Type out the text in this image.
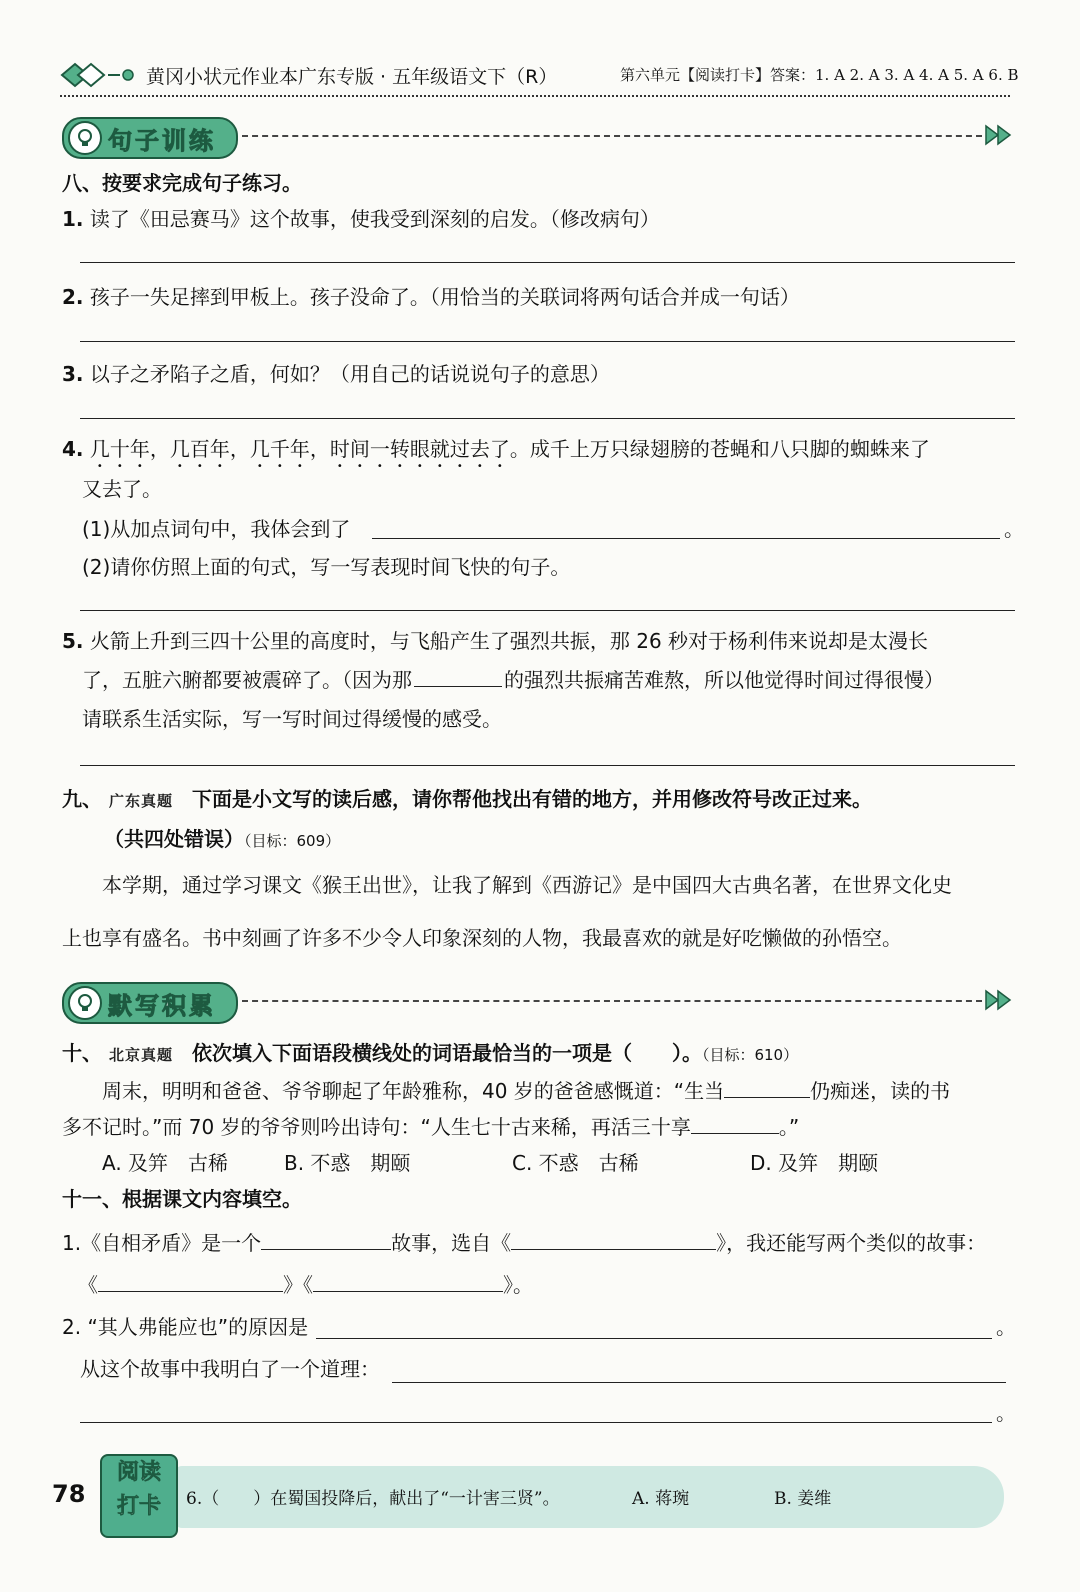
黄冈小状元作业本广东专版 · 五年级语文下（R）	第六单元【阅读打卡】答案：1. A 2. A 3. A 4. A 5. A 6. B
句子训练
八、按要求完成句子练习。
1. 读了《田忌赛马》这个故事，使我受到深刻的启发。（修改病句）
2. 孩子一失足摔到甲板上。孩子没命了。（用恰当的关联词将两句话合并成一句话）
3. 以子之矛陷子之盾，何如？（用自己的话说说句子的意思）
4. 几十年，几百年，几千年，时间一转眼就过去了。成千上万只绿翅膀的苍蝇和八只脚的蜘蛛来了
又去了。
(1)从加点词句中，我体会到了	。
(2)请你仿照上面的句式，写一写表现时间飞快的句子。
5. 火箭上升到三四十公里的高度时，与飞船产生了强烈共振，那 26 秒对于杨利伟来说却是太漫长
了，五脏六腑都要被震碎了。（因为那	的强烈共振痛苦难熬，所以他觉得时间过得很慢）
请联系生活实际，写一写时间过得缓慢的感受。
九、 广东真题 下面是小文写的读后感，请你帮他找出有错的地方，并用修改符号改正过来。
（共四处错误）（目标：609）
本学期，通过学习课文《猴王出世》，让我了解到《西游记》是中国四大古典名著，在世界文化史
上也享有盛名。书中刻画了许多不少令人印象深刻的人物，我最喜欢的就是好吃懒做的孙悟空。
默写积累
十、 北京真题 依次填入下面语段横线处的词语最恰当的一项是（　　）。（目标：610）
周末，明明和爸爸、爷爷聊起了年龄雅称，40 岁的爸爸感慨道：“生当	仍痴迷，读的书
多不记时。”而 70 岁的爷爷则吟出诗句：“人生七十古来稀，再活三十享	。”
A. 及笄　古稀	B. 不惑　期颐	C. 不惑　古稀	D. 及笄　期颐
十一、根据课文内容填空。
1.《自相矛盾》是一个	故事，选自《	》，我还能写两个类似的故事：
《	》《	》。
2. “其人弗能应也”的原因是	。
从这个故事中我明白了一个道理：
。
78
阅读
打卡	6.（　　）在蜀国投降后，献出了“一计害三贤”。	A. 蒋琬	B. 姜维
